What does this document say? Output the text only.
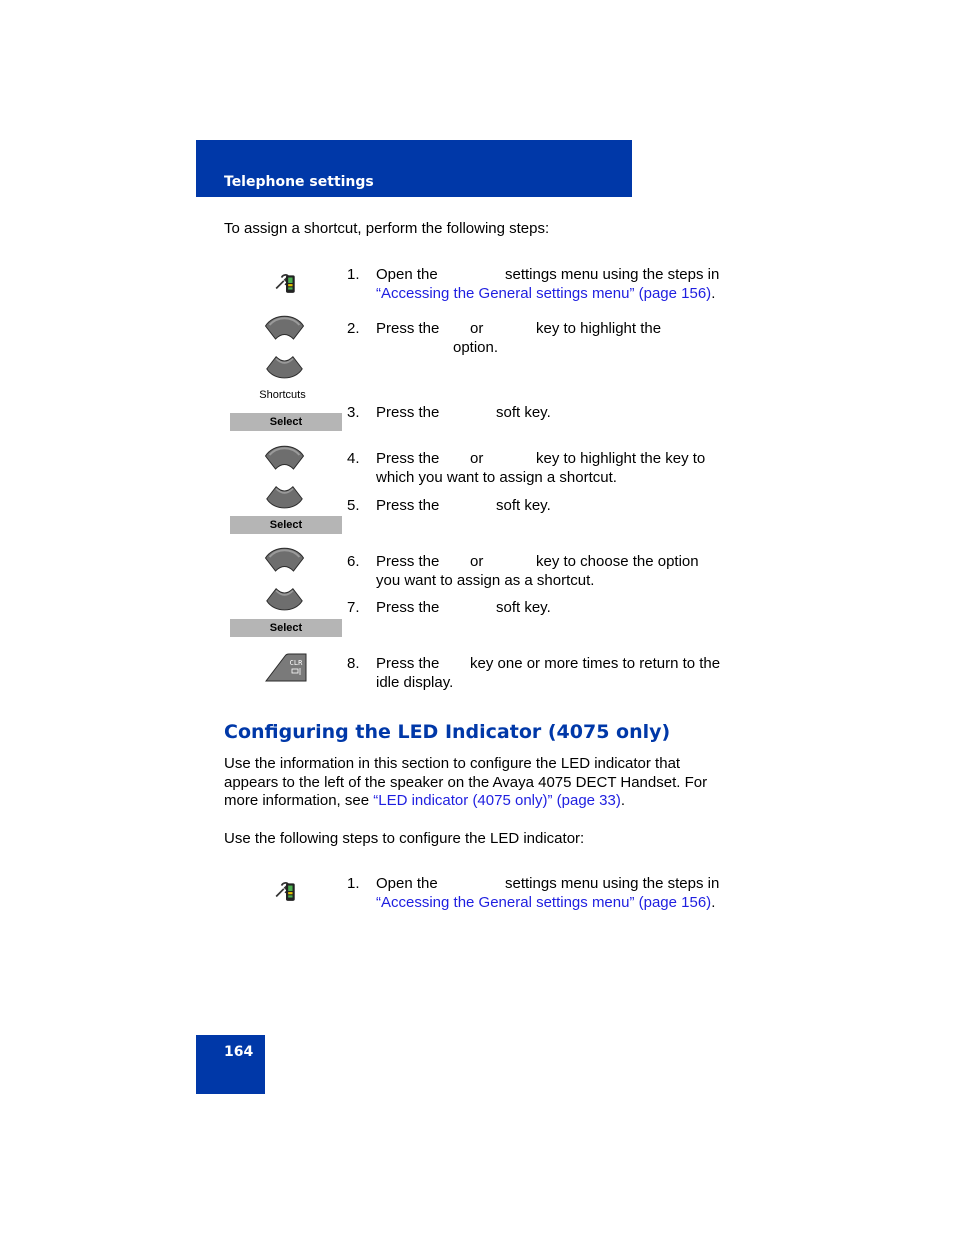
Telephone settings
To assign a shortcut, perform the following steps:
1. Open the	settings menu using the steps in
“Accessing the General settings menu” (page 156).
Shortcuts
2. Press the or	key to highlight the
option.
Select
3. Press the	soft key.
4. Press the or	key to highlight the key to
which you want to assign a shortcut.
Select
5. Press the	soft key.
6. Press the or	key to choose the option
you want to assign as a shortcut.
Select
7. Press the	soft key.
CLR	8. Press the key one or more times to return to the
idle display.
Configuring the LED Indicator (4075 only)
Use the information in this section to configure the LED indicator that appears to the left of the speaker on the Avaya 4075 DECT Handset. For more information, see “LED indicator (4075 only)” (page 33).
Use the following steps to configure the LED indicator:
1. Open the	settings menu using the steps in
“Accessing the General settings menu” (page 156).
164
